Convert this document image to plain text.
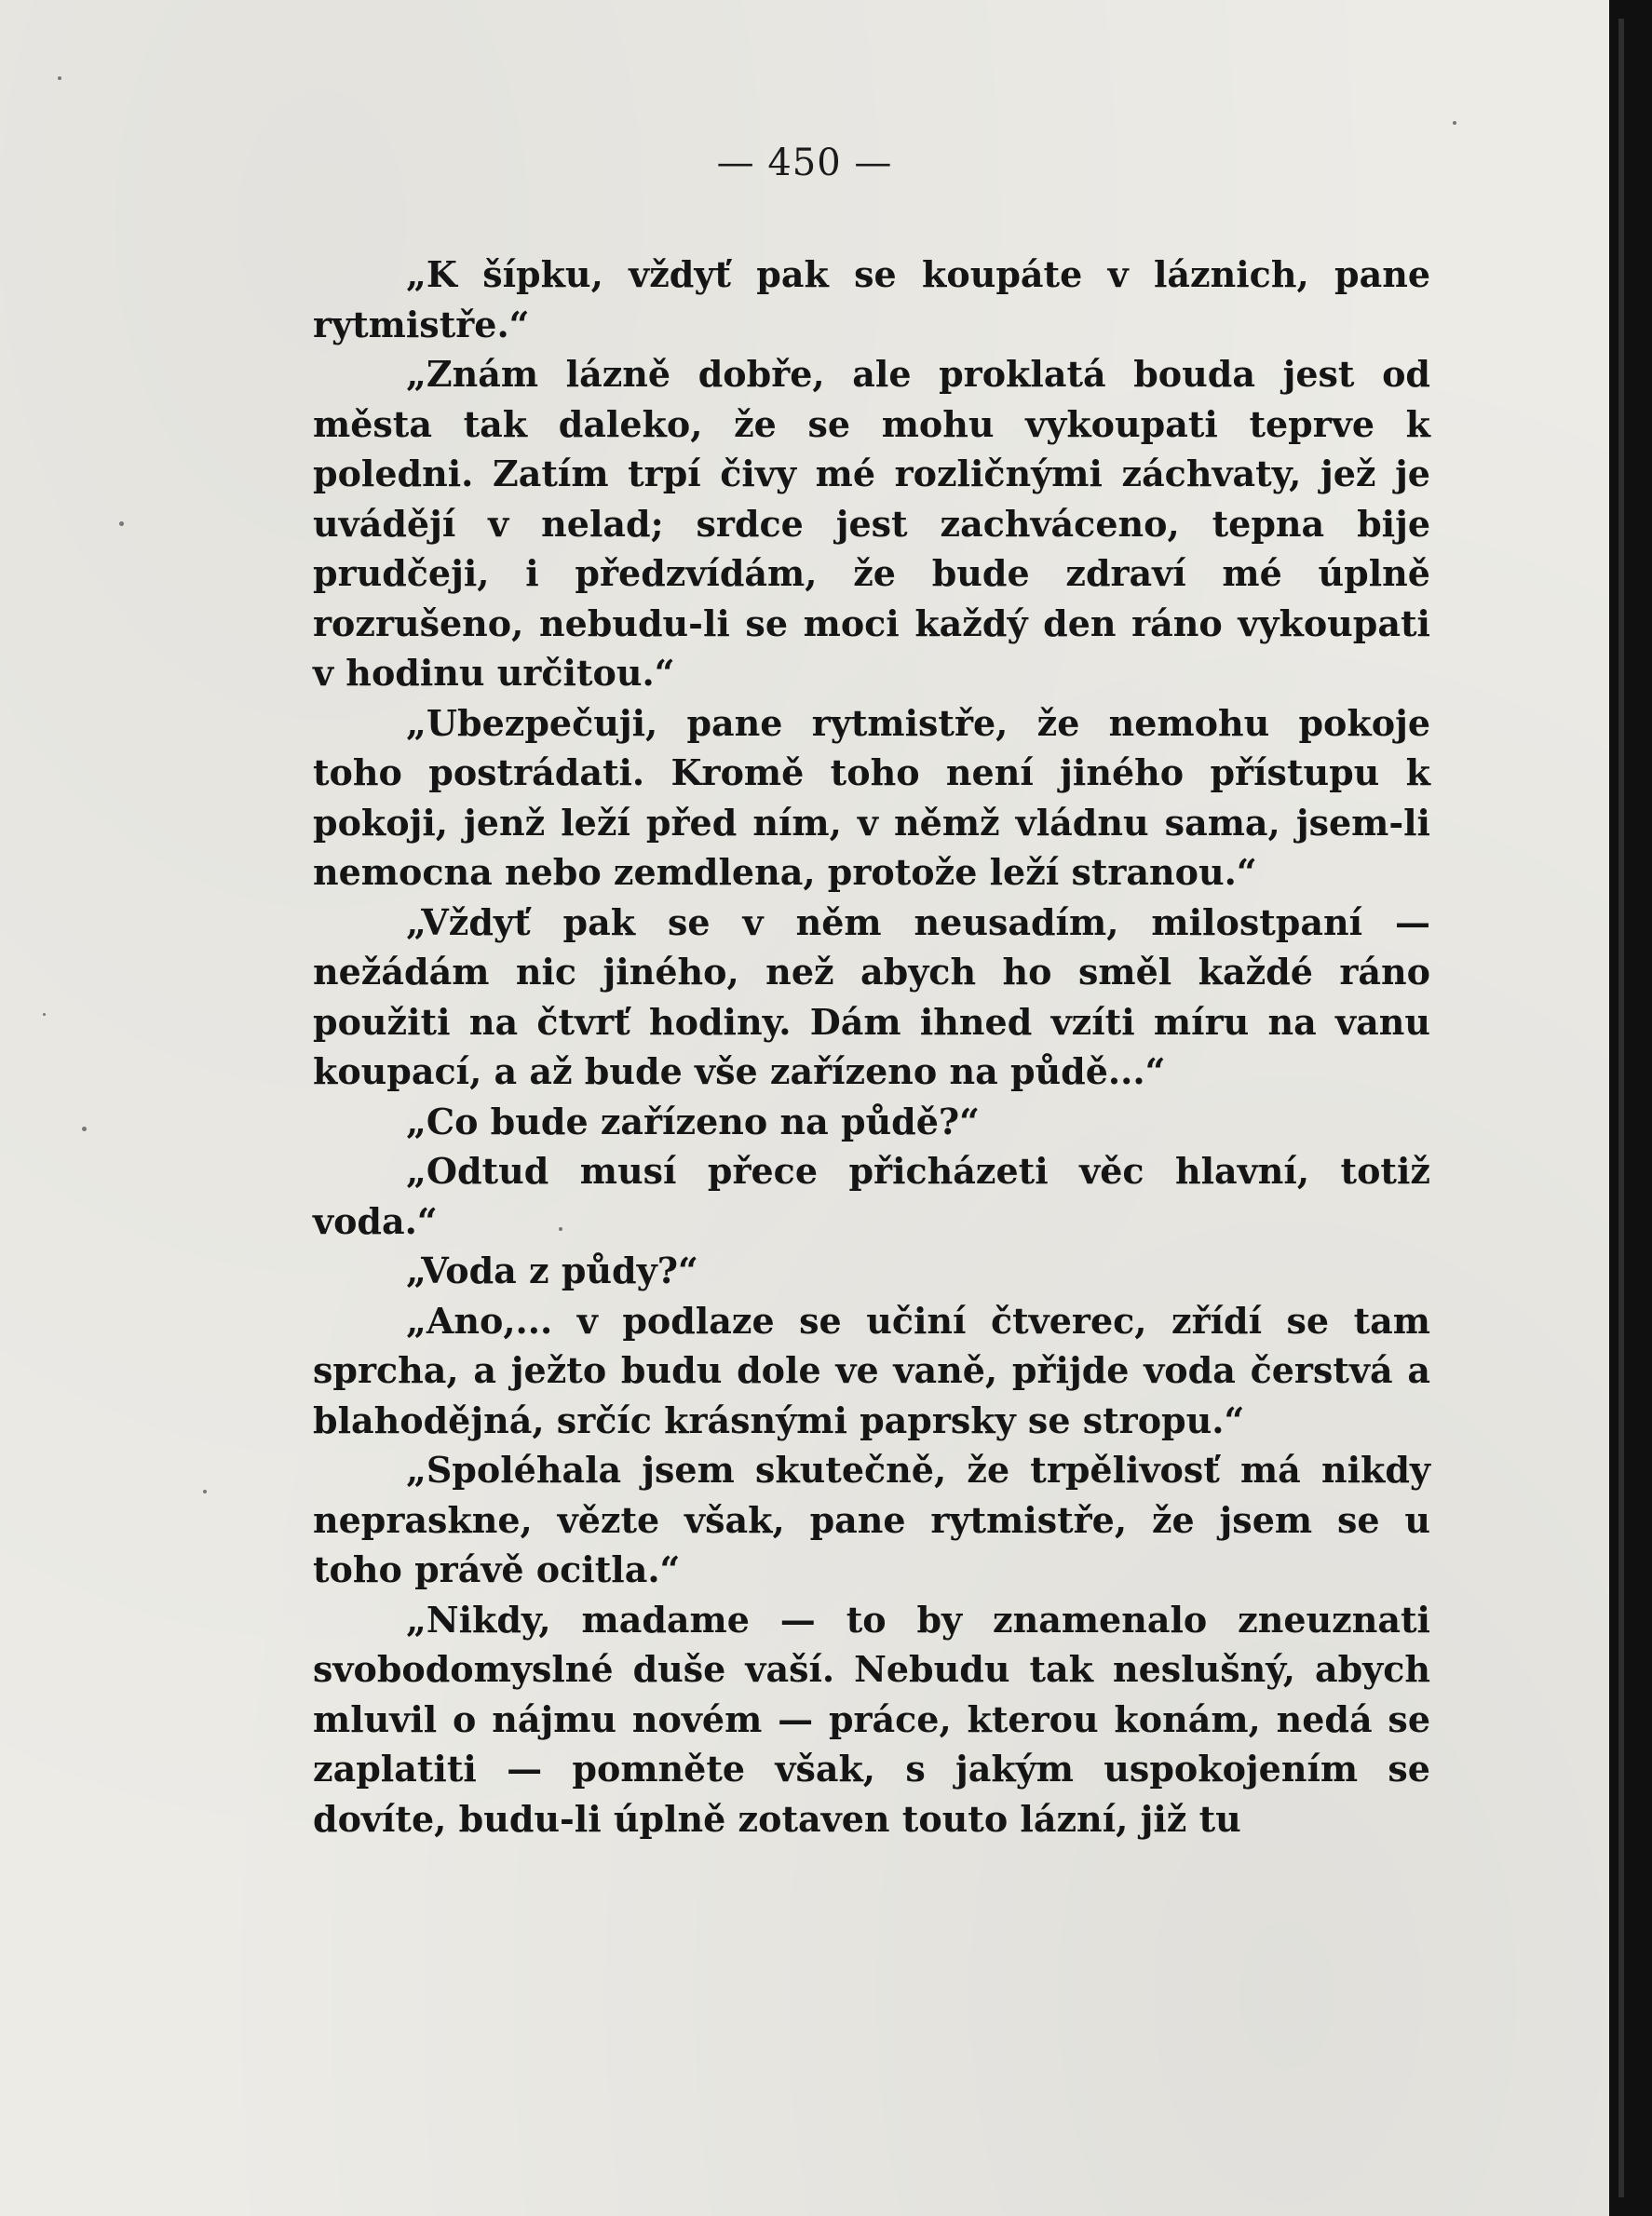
— 450 —

„K šípku, vždyť pak se koupáte v láznich, pane rytmistře.“

„Znám lázně dobře, ale proklatá bouda jest od města tak daleko, že se mohu vykoupati teprve k poledni. Zatím trpí čivy mé rozličnými záchvaty, jež je uvádějí v nelad; srdce jest zachváceno, tepna bije prudčeji, i předzvídám, že bude zdraví mé úplně rozrušeno, nebudu-li se moci každý den ráno vykoupati v hodinu určitou.“

„Ubezpečuji, pane rytmistře, že nemohu pokoje toho postrádati. Kromě toho není jiného přístupu k pokoji, jenž leží před ním, v němž vládnu sama, jsem-li nemocna nebo zemdlena, protože leží stranou.“

„Vždyť pak se v něm neusadím, milostpaní — nežádám nic jiného, než abych ho směl každé ráno použiti na čtvrť hodiny. Dám ihned vzíti míru na vanu koupací, a až bude vše zařízeno na půdě...“

„Co bude zařízeno na půdě?“

„Odtud musí přece přicházeti věc hlavní, totiž voda.“

„Voda z půdy?“

„Ano,... v podlaze se učiní čtverec, zřídí se tam sprcha, a ježto budu dole ve vaně, přijde voda čerstvá a blahodějná, srčíc krásnými paprsky se stropu.“

„Spoléhala jsem skutečně, že trpělivosť má nikdy nepraskne, vězte však, pane rytmistře, že jsem se u toho právě ocitla.“

„Nikdy, madame — to by znamenalo zneuznati svobodomyslné duše vaší. Nebudu tak neslušný, abych mluvil o nájmu novém — práce, kterou konám, nedá se zaplatiti — pomněte však, s jakým uspokojením se dovíte, budu-li úplně zotaven touto lázní, již tu
